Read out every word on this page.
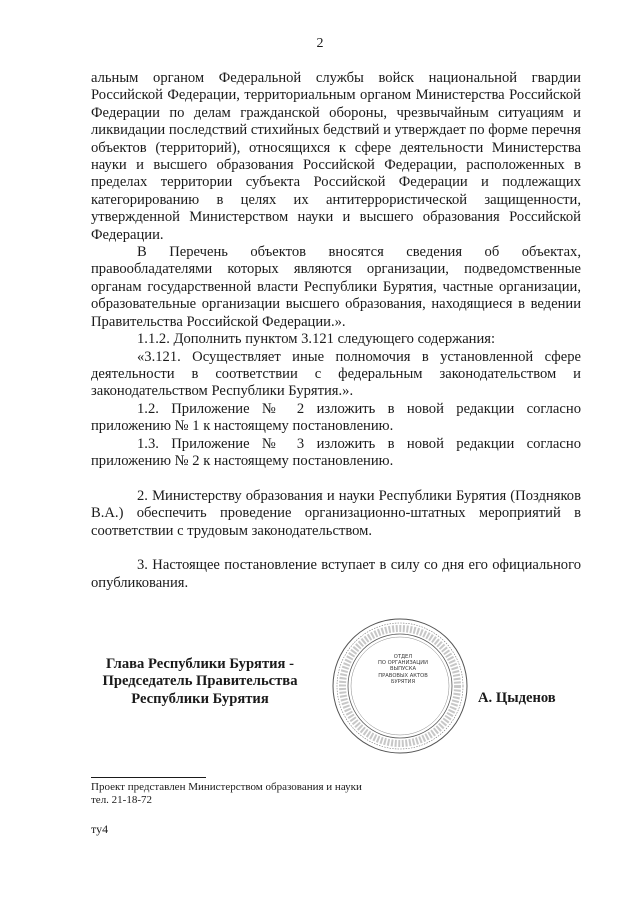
2

альным органом Федеральной службы войск национальной гвардии Российской Федерации, территориальным органом Министерства Российской Федерации по делам гражданской обороны, чрезвычайным ситуациям и ликвидации последствий стихийных бедствий и утверждает по форме перечня объектов (территорий), относящихся к сфере деятельности Министерства науки и высшего образования Российской Федерации, расположенных в пределах территории субъекта Российской Федерации и подлежащих категорированию в целях их антитеррористической защищенности, утвержденной Министерством науки и высшего образования Российской Федерации.

В Перечень объектов вносятся сведения об объектах, правообладателями которых являются организации, подведомственные органам государственной власти Республики Бурятия, частные организации, образовательные организации высшего образования, находящиеся в ведении Правительства Российской Федерации.».

1.1.2. Дополнить пунктом 3.121 следующего содержания:

«3.121. Осуществляет иные полномочия в установленной сфере деятельности в соответствии с федеральным законодательством и законодательством Республики Бурятия.».

1.2. Приложение № 2 изложить в новой редакции согласно приложению № 1 к настоящему постановлению.

1.3. Приложение № 3 изложить в новой редакции согласно приложению № 2 к настоящему постановлению.

2. Министерству образования и науки Республики Бурятия (Поздняков В.А.) обеспечить проведение организационно-штатных мероприятий в соответствии с трудовым законодательством.

3. Настоящее постановление вступает в силу со дня его официального опубликования.

ОТДЕЛ
ПО ОРГАНИЗАЦИИ
ВЫПУСКА
ПРАВОВЫХ АКТОВ
БУРЯТИЯ
Глава Республики Бурятия -
Председатель Правительства
Республики Бурятия	А. Цыденов
Проект представлен Министерством образования и науки
тел. 21-18-72
ту4
